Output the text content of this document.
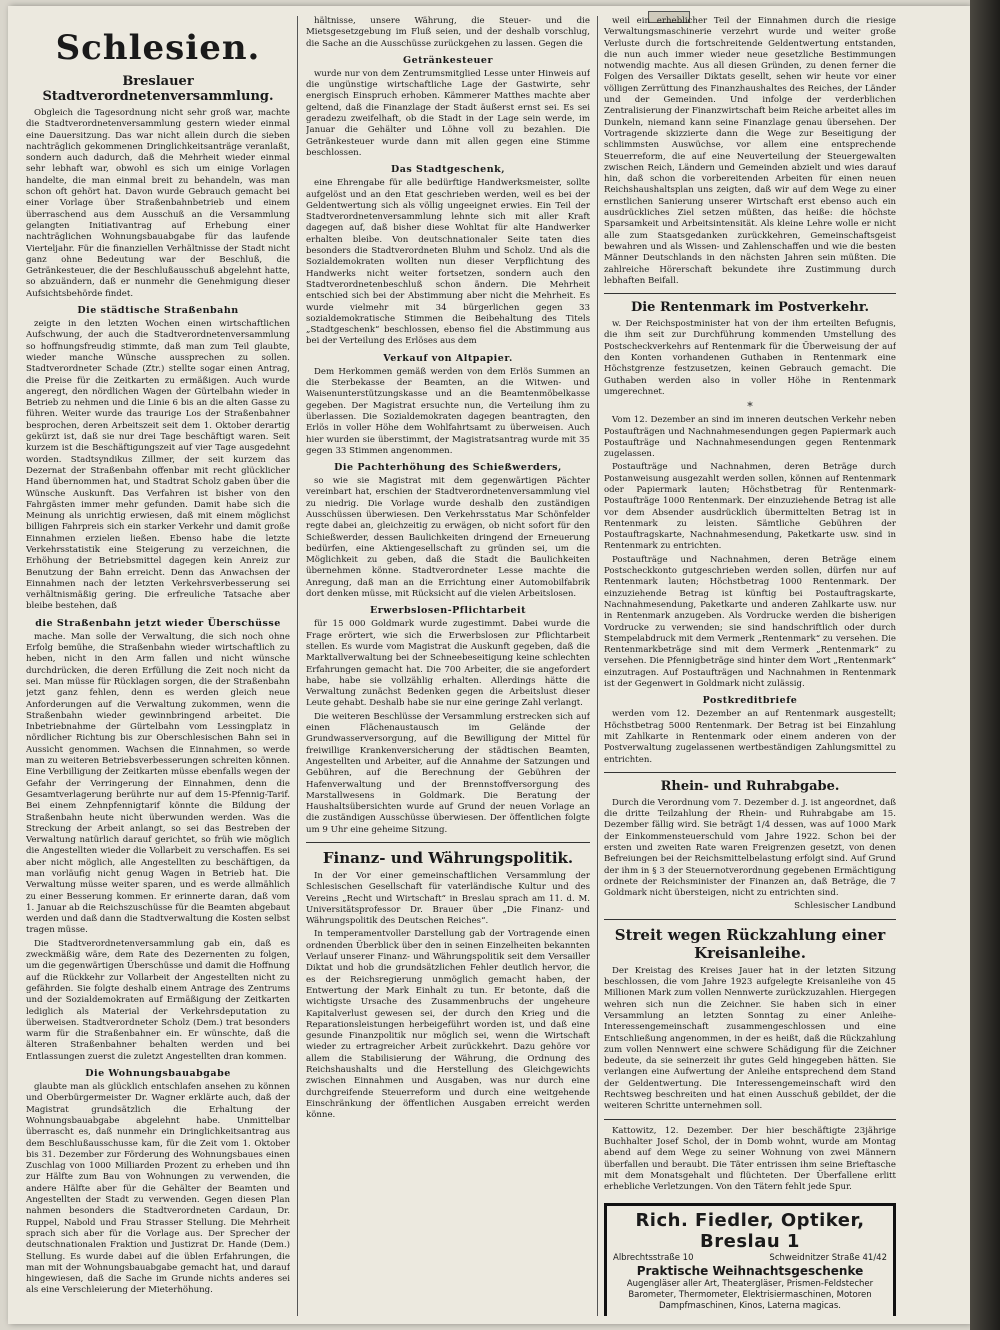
Schlesien.
Breslauer Stadtverordnetenversammlung.

Obgleich die Tagesordnung nicht sehr groß war, machte die Stadtverordnetenversammlung gestern wieder einmal eine Dauersitzung. Das war nicht allein durch die sieben nachträglich gekommenen Dringlichkeitsanträge veranlaßt, sondern auch dadurch, daß die Mehrheit wieder einmal sehr lebhaft war, obwohl es sich um einige Vorlagen handelte, die man einmal breit zu behandeln, was man schon oft gehört hat. Davon wurde Gebrauch gemacht bei einer Vorlage über Straßenbahnbetrieb und einem überraschend aus dem Ausschuß an die Versammlung gelangten Initiativantrag auf Erhebung einer nachträglichen Wohnungsbauabgabe für das laufende Vierteljahr. Für die finanziellen Verhältnisse der Stadt nicht ganz ohne Bedeutung war der Beschluß, die Getränkesteuer, die der Beschlußausschuß abgelehnt hatte, so abzuändern, daß er nunmehr die Genehmigung dieser Aufsichtsbehörde findet.

Die städtische Straßenbahn

zeigte in den letzten Wochen einen wirtschaftlichen Aufschwung, der auch die Stadtverordnetenversammlung so hoffnungsfreudig stimmte, daß man zum Teil glaubte, wieder manche Wünsche aussprechen zu sollen. Stadtverordneter Schade (Ztr.) stellte sogar einen Antrag, die Preise für die Zeitkarten zu ermäßigen. Auch wurde angeregt, den nördlichen Wagen der Gürtelbahn wieder in Betrieb zu nehmen und die Linie 6 bis an die alten Gasse zu führen. Weiter wurde das traurige Los der Straßenbahner besprochen, deren Arbeitszeit seit dem 1. Oktober derartig gekürzt ist, daß sie nur drei Tage beschäftigt waren. Seit kurzem ist die Beschäftigungszeit auf vier Tage ausgedehnt worden. Stadtsyndikus Zillmer, der seit kurzem das Dezernat der Straßenbahn offenbar mit recht glücklicher Hand übernommen hat, und Stadtrat Scholz gaben über die Wünsche Auskunft. Das Verfahren ist bisher von den Fahrgästen immer mehr gefunden. Damit habe sich die Meinung als unrichtig erwiesen, daß mit einem möglichst billigen Fahrpreis sich ein starker Verkehr und damit große Einnahmen erzielen ließen. Ebenso habe die letzte Verkehrsstatistik eine Steigerung zu verzeichnen, die Erhöhung der Betriebsmittel dagegen kein Anreiz zur Benutzung der Bahn erreicht. Denn das Anwachsen der Einnahmen nach der letzten Verkehrsverbesserung sei verhältnismäßig gering. Die erfreuliche Tatsache aber bleibe bestehen, daß

die Straßenbahn jetzt wieder Überschüsse

mache. Man solle der Verwaltung, die sich noch ohne Erfolg bemühe, die Straßenbahn wieder wirtschaftlich zu heben, nicht in den Arm fallen und nicht wünsche durchdrücken, die deren Erfüllung die Zeit noch nicht da sei. Man müsse für Rücklagen sorgen, die der Straßenbahn jetzt ganz fehlen, denn es werden gleich neue Anforderungen auf die Verwaltung zukommen, wenn die Straßenbahn wieder gewinnbringend arbeitet. Die Inbetriebnahme der Gürtelbahn vom Lessingplatz in nördlicher Richtung bis zur Oberschlesischen Bahn sei in Aussicht genommen. Wachsen die Einnahmen, so werde man zu weiteren Betriebsverbesserungen schreiten können. Eine Verbilligung der Zeitkarten müsse ebenfalls wegen der Gefahr der Verringerung der Einnahmen, denn die Gesamtverlagerung berührte nur auf dem 15-Pfennig-Tarif. Bei einem Zehnpfennigtarif könnte die Bildung der Straßenbahn heute nicht überwunden werden. Was die Streckung der Arbeit anlangt, so sei das Bestreben der Verwaltung natürlich darauf gerichtet, so früh wie möglich die Angestellten wieder die Vollarbeit zu verschaffen. Es sei aber nicht möglich, alle Angestellten zu beschäftigen, da man vorläufig nicht genug Wagen in Betrieb hat. Die Verwaltung müsse weiter sparen, und es werde allmählich zu einer Besserung kommen. Er erinnerte daran, daß vom 1. Januar ab die Reichszuschüsse für die Beamten abgebaut werden und daß dann die Stadtverwaltung die Kosten selbst tragen müsse.

Die Stadtverordnetenversammlung gab ein, daß es zweckmäßig wäre, dem Rate des Dezernenten zu folgen, um die gegenwärtigen Überschüsse und damit die Hoffnung auf die Rückkehr zur Vollarbeit der Angestellten nicht zu gefährden. Sie folgte deshalb einem Antrage des Zentrums und der Sozialdemokraten auf Ermäßigung der Zeitkarten lediglich als Material der Verkehrsdeputation zu überweisen. Stadtverordneter Scholz (Dem.) trat besonders warm für die Straßenbahner ein. Er wünschte, daß die älteren Straßenbahner behalten werden und bei Entlassungen zuerst die zuletzt Angestellten dran kommen.

Die Wohnungsbauabgabe

glaubte man als glücklich entschlafen ansehen zu können und Oberbürgermeister Dr. Wagner erklärte auch, daß der Magistrat grundsätzlich die Erhaltung der Wohnungsbauabgabe abgelehnt habe. Unmittelbar überrascht es, daß nunmehr ein Dringlichkeitsantrag aus dem Beschlußausschusse kam, für die Zeit vom 1. Oktober bis 31. Dezember zur Förderung des Wohnungsbaues einen Zuschlag von 1000 Milliarden Prozent zu erheben und ihn zur Hälfte zum Bau von Wohnungen zu verwenden, die andere Hälfte aber für die Gehälter der Beamten und Angestellten der Stadt zu verwenden. Gegen diesen Plan nahmen besonders die Stadtverordneten Cardaun, Dr. Ruppel, Nabold und Frau Strasser Stellung. Die Mehrheit sprach sich aber für die Vorlage aus. Der Sprecher der deutschnationalen Fraktion und Justizrat Dr. Hande (Dem.) Stellung. Es wurde dabei auf die üblen Erfahrungen, die man mit der Wohnungsbauabgabe gemacht hat, und darauf hingewiesen, daß die Sache im Grunde nichts anderes sei als eine Verschleierung der Mieterhöhung.

hältnisse, unsere Währung, die Steuer- und die Mietsgesetzgebung im Fluß seien, und der deshalb vorschlug, die Sache an die Ausschüsse zurückgehen zu lassen. Gegen die

Getränkesteuer

wurde nur von dem Zentrumsmitglied Lesse unter Hinweis auf die ungünstige wirtschaftliche Lage der Gastwirte, sehr energisch Einspruch erhoben. Kämmerer Matthes machte aber geltend, daß die Finanzlage der Stadt äußerst ernst sei. Es sei geradezu zweifelhaft, ob die Stadt in der Lage sein werde, im Januar die Gehälter und Löhne voll zu bezahlen. Die Getränkesteuer wurde dann mit allen gegen eine Stimme beschlossen.

Das Stadtgeschenk,

eine Ehrengabe für alle bedürftige Handwerksmeister, sollte aufgelöst und an den Etat geschrieben werden, weil es bei der Geldentwertung sich als völlig ungeeignet erwies. Ein Teil der Stadtverordnetenversammlung lehnte sich mit aller Kraft dagegen auf, daß bisher diese Wohltat für alte Handwerker erhalten bleibe. Von deutschnationaler Seite taten dies besonders die Stadtverordneten Bluhm und Scholz. Und als die Sozialdemokraten wollten nun dieser Verpflichtung des Handwerks nicht weiter fortsetzen, sondern auch den Stadtverordnetenbeschluß schon ändern. Die Mehrheit entschied sich bei der Abstimmung aber nicht die Mehrheit. Es wurde vielmehr mit 34 bürgerlichen gegen 33 sozialdemokratische Stimmen die Beibehaltung des Titels „Stadtgeschenk“ beschlossen, ebenso fiel die Abstimmung aus bei der Verteilung des Erlöses aus dem

Verkauf von Altpapier.

Dem Herkommen gemäß werden von dem Erlös Summen an die Sterbekasse der Beamten, an die Witwen- und Waisenunterstützungskasse und an die Beamtenmöbelkasse gegeben. Der Magistrat ersuchte nun, die Verteilung ihm zu überlassen. Die Sozialdemokraten dagegen beantragten, den Erlös in voller Höhe dem Wohlfahrtsamt zu überweisen. Auch hier wurden sie überstimmt, der Magistratsantrag wurde mit 35 gegen 33 Stimmen angenommen.

Die Pachterhöhung des Schießwerders,

so wie sie Magistrat mit dem gegenwärtigen Pächter vereinbart hat, erschien der Stadtverordnetenversammlung viel zu niedrig. Die Vorlage wurde deshalb den zuständigen Ausschüssen überwiesen. Den Verkehrsstatus Mar Schönfelder regte dabei an, gleichzeitig zu erwägen, ob nicht sofort für den Schießwerder, dessen Baulichkeiten dringend der Erneuerung bedürfen, eine Aktiengesellschaft zu gründen sei, um die Möglichkeit zu geben, daß die Stadt die Baulichkeiten übernehmen könne. Stadtverordneter Lesse machte die Anregung, daß man an die Errichtung einer Automobilfabrik dort denken müsse, mit Rücksicht auf die vielen Arbeitslosen.

Erwerbslosen-Pflichtarbeit

für 15 000 Goldmark wurde zugestimmt. Dabei wurde die Frage erörtert, wie sich die Erwerbslosen zur Pflichtarbeit stellen. Es wurde vom Magistrat die Auskunft gegeben, daß die Marktallverwaltung bei der Schneebeseitigung keine schlechten Erfahrungen gemacht hat. Die 700 Arbeiter, die sie angefordert habe, habe sie vollzählig erhalten. Allerdings hätte die Verwaltung zunächst Bedenken gegen die Arbeitslust dieser Leute gehabt. Deshalb habe sie nur eine geringe Zahl verlangt.

Die weiteren Beschlüsse der Versammlung erstrecken sich auf einen Flächenaustausch im Gelände der Grundwasserversorgung, auf die Bewilligung der Mittel für freiwillige Krankenversicherung der städtischen Beamten, Angestellten und Arbeiter, auf die Annahme der Satzungen und Gebühren, auf die Berechnung der Gebühren der Hafenverwaltung und der Brennstoffversorgung des Marstallwesens in Goldmark. Die Beratung der Haushaltsübersichten wurde auf Grund der neuen Vorlage an die zuständigen Ausschüsse überwiesen. Der öffentlichen folgte um 9 Uhr eine geheime Sitzung.

Finanz- und Währungspolitik.

In der Vor einer gemeinschaftlichen Versammlung der Schlesischen Gesellschaft für vaterländische Kultur und des Vereins „Recht und Wirtschaft“ in Breslau sprach am 11. d. M. Universitätsprofessor Dr. Brauer über „Die Finanz- und Währungspolitik des Deutschen Reiches“.

In temperamentvoller Darstellung gab der Vortragende einen ordnenden Überblick über den in seinen Einzelheiten bekannten Verlauf unserer Finanz- und Währungspolitik seit dem Versailler Diktat und hob die grundsätzlichen Fehler deutlich hervor, die es der Reichsregierung unmöglich gemacht haben, der Entwertung der Mark Einhalt zu tun. Er betonte, daß die wichtigste Ursache des Zusammenbruchs der ungeheure Kapitalverlust gewesen sei, der durch den Krieg und die Reparationsleistungen herbeigeführt worden ist, und daß eine gesunde Finanzpolitik nur möglich sei, wenn die Wirtschaft wieder zu ertragreicher Arbeit zurückkehrt. Dazu gehöre vor allem die Stabilisierung der Währung, die Ordnung des Reichshaushalts und die Herstellung des Gleichgewichts zwischen Einnahmen und Ausgaben, was nur durch eine durchgreifende Steuerreform und durch eine weitgehende Einschränkung der öffentlichen Ausgaben erreicht werden könne.

weil ein erheblicher Teil der Einnahmen durch die riesige Verwaltungsmaschinerie verzehrt wurde und weiter große Verluste durch die fortschreitende Geldentwertung entstanden, die nun auch immer wieder neue gesetzliche Bestimmungen notwendig machte. Aus all diesen Gründen, zu denen ferner die Folgen des Versailler Diktats gesellt, sehen wir heute vor einer völligen Zerrüttung des Finanzhaushaltes des Reiches, der Länder und der Gemeinden. Und infolge der verderblichen Zentralisierung der Finanzwirtschaft beim Reiche arbeitet alles im Dunkeln, niemand kann seine Finanzlage genau übersehen. Der Vortragende skizzierte dann die Wege zur Beseitigung der schlimmsten Auswüchse, vor allem eine entsprechende Steuerreform, die auf eine Neuverteilung der Steuergewalten zwischen Reich, Ländern und Gemeinden abzielt und wies darauf hin, daß schon die vorbereitenden Arbeiten für einen neuen Reichshaushaltsplan uns zeigten, daß wir auf dem Wege zu einer ernstlichen Sanierung unserer Wirtschaft erst ebenso auch ein ausdrückliches Ziel setzen müßten, das heiße: die höchste Sparsamkeit und Arbeitsintensität. Als kleine Lehre wolle er nicht alle zum Staatsgedanken zurückkehren, Gemeinschaftsgeist bewahren und als Wissen- und Zahlenschaffen und wie die besten Männer Deutschlands in den nächsten Jahren sein müßten. Die zahlreiche Hörerschaft bekundete ihre Zustimmung durch lebhaften Beifall.

Die Rentenmark im Postverkehr.

w. Der Reichspostminister hat von der ihm erteilten Befugnis, die ihm seit zur Durchführung kommenden Umstellung des Postscheckverkehrs auf Rentenmark für die Überweisung der auf den Konten vorhandenen Guthaben in Rentenmark eine Höchstgrenze festzusetzen, keinen Gebrauch gemacht. Die Guthaben werden also in voller Höhe in Rentenmark umgerechnet.

*

Vom 12. Dezember an sind im inneren deutschen Verkehr neben Postaufträgen und Nachnahmesendungen gegen Papiermark auch Postaufträge und Nachnahmesendungen gegen Rentenmark zugelassen.

Postaufträge und Nachnahmen, deren Beträge durch Postanweisung ausgezahlt werden sollen, können auf Rentenmark oder Papiermark lauten; Höchstbetrag für Rentenmark-Postaufträge 1000 Rentenmark. Der einzuziehende Betrag ist alle vor dem Absender ausdrücklich übermittelten Betrag ist in Rentenmark zu leisten. Sämtliche Gebühren der Postauftragskarte, Nachnahmesendung, Paketkarte usw. sind in Rentenmark zu entrichten.

Postaufträge und Nachnahmen, deren Beträge einem Postscheckkonto gutgeschrieben werden sollen, dürfen nur auf Rentenmark lauten; Höchstbetrag 1000 Rentenmark. Der einzuziehende Betrag ist künftig bei Postauftragskarte, Nachnahmesendung, Paketkarte und anderen Zahlkarte usw. nur in Rentenmark anzugeben. Als Vordrucke werden die bisherigen Vordrucke zu verwenden; sie sind handschriftlich oder durch Stempelabdruck mit dem Vermerk „Rentenmark“ zu versehen. Die Rentenmarkbeträge sind mit dem Vermerk „Rentenmark“ zu versehen. Die Pfennigbeträge sind hinter dem Wort „Rentenmark“ einzutragen. Auf Postaufträgen und Nachnahmen in Rentenmark ist der Gegenwert in Goldmark nicht zulässig.

Postkreditbriefe

werden vom 12. Dezember an auf Rentenmark ausgestellt; Höchstbetrag 5000 Rentenmark. Der Betrag ist bei Einzahlung mit Zahlkarte in Rentenmark oder einem anderen von der Postverwaltung zugelassenen wertbeständigen Zahlungsmittel zu entrichten.

Rhein- und Ruhrabgabe.

Durch die Verordnung vom 7. Dezember d. J. ist angeordnet, daß die dritte Teilzahlung der Rhein- und Ruhrabgabe am 15. Dezember fällig wird. Sie beträgt 1/4 dessen, was auf 1000 Mark der Einkommensteuerschuld vom Jahre 1922. Schon bei der ersten und zweiten Rate waren Freigrenzen gesetzt, von denen Befreiungen bei der Reichsmittelbelastung erfolgt sind. Auf Grund der ihm in § 3 der Steuernotverordnung gegebenen Ermächtigung ordnete der Reichsminister der Finanzen an, daß Beträge, die 7 Goldmark nicht übersteigen, nicht zu entrichten sind.

Schlesischer Landbund

Streit wegen Rückzahlung einer Kreisanleihe.

Der Kreistag des Kreises Jauer hat in der letzten Sitzung beschlossen, die vom Jahre 1923 aufgelegte Kreisanleihe von 45 Millionen Mark zum vollen Nennwerte zurückzuzahlen. Hiergegen wehren sich nun die Zeichner. Sie haben sich in einer Versammlung an letzten Sonntag zu einer Anleihe-Interessengemeinschaft zusammengeschlossen und eine Entschließung angenommen, in der es heißt, daß die Rückzahlung zum vollen Nennwert eine schwere Schädigung für die Zeichner bedeute, da sie seinerzeit ihr gutes Geld hingegeben hätten. Sie verlangen eine Aufwertung der Anleihe entsprechend dem Stand der Geldentwertung. Die Interessengemeinschaft wird den Rechtsweg beschreiten und hat einen Ausschuß gebildet, der die weiteren Schritte unternehmen soll.

Kattowitz, 12. Dezember. Der hier beschäftigte 23jährige Buchhalter Josef Schol, der in Domb wohnt, wurde am Montag abend auf dem Wege zu seiner Wohnung von zwei Männern überfallen und beraubt. Die Täter entrissen ihm seine Brieftasche mit dem Monatsgehalt und flüchteten. Der Überfallene erlitt erhebliche Verletzungen. Von den Tätern fehlt jede Spur.

Rich. Fiedler, Optiker, Breslau 1
Albrechtsstraße 10	Schweidnitzer Straße 41/42
Praktische Weihnachtsgeschenke
Augengläser aller Art, Theatergläser, Prismen-Feldstecher
Barometer, Thermometer, Elektrisiermaschinen, Motoren
Dampfmaschinen, Kinos, Laterna magicas.
